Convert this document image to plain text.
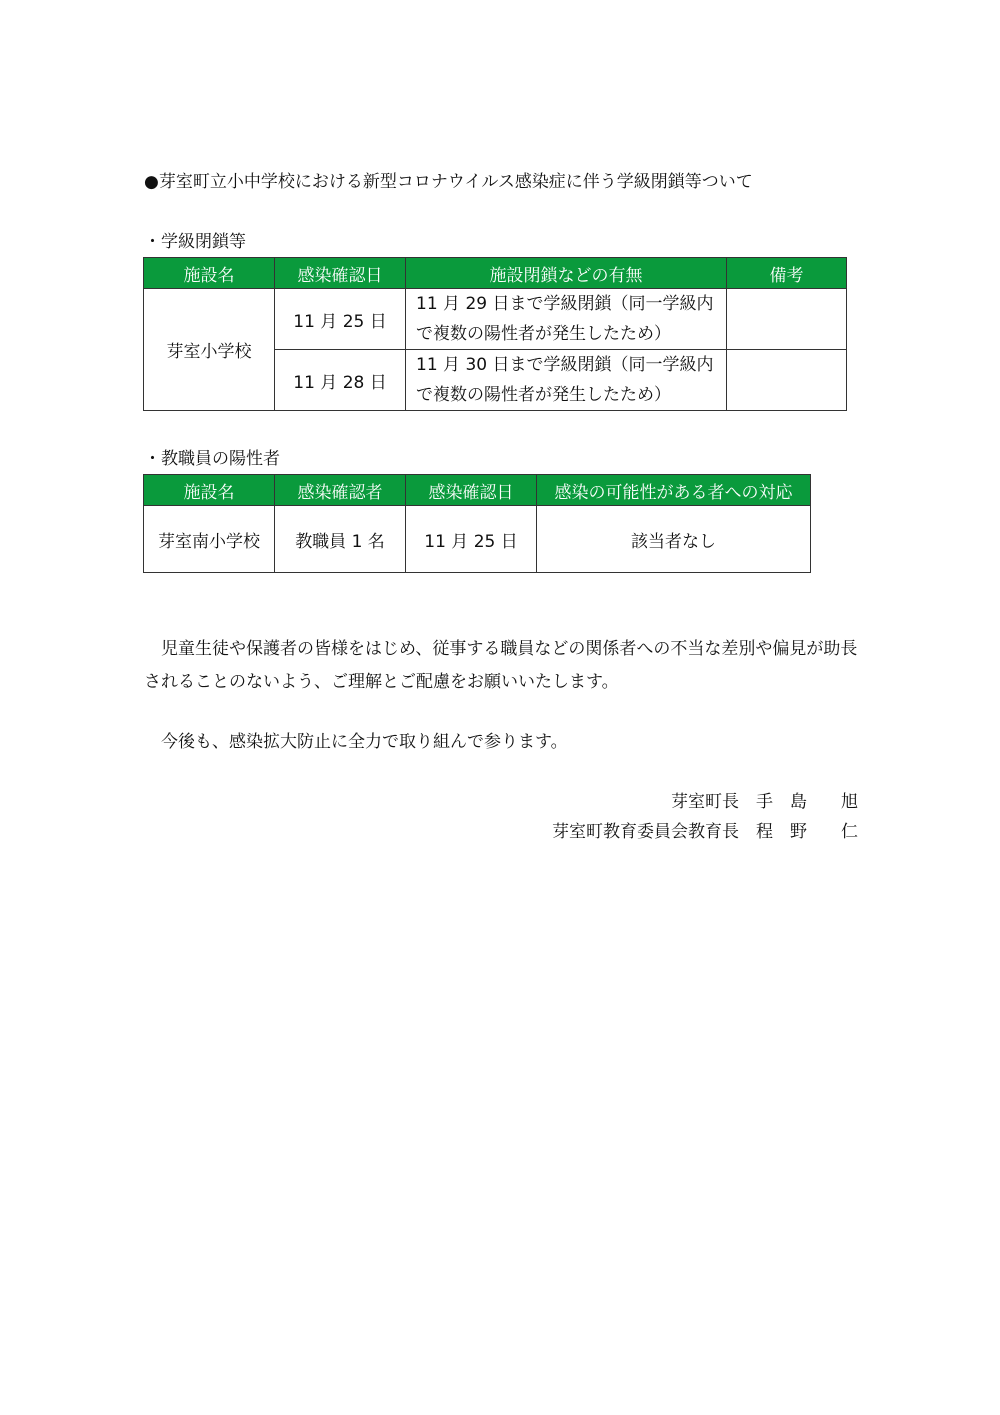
●芽室町立小中学校における新型コロナウイルス感染症に伴う学級閉鎖等ついて
・学級閉鎖等
施設名	感染確認日	施設閉鎖などの有無	備考
芽室小学校	11 月 25 日	11 月 29 日まで学級閉鎖（同一学級内
で複数の陽性者が発生したため）	

	11 月 28 日	11 月 30 日まで学級閉鎖（同一学級内
で複数の陽性者が発生したため）	

・教職員の陽性者
施設名	感染確認者	感染確認日	感染の可能性がある者への対応
芽室南小学校	教職員 1 名	11 月 25 日	該当者なし

児童生徒や保護者の皆様をはじめ、従事する職員などの関係者への不当な差別や偏見が助長されることのないよう、ご理解とご配慮をお願いいたします。

今後も、感染拡大防止に全力で取り組んで参ります。

芽室町長　 手　島　　旭
芽室町教育委員会教育長　 程　野　　仁
